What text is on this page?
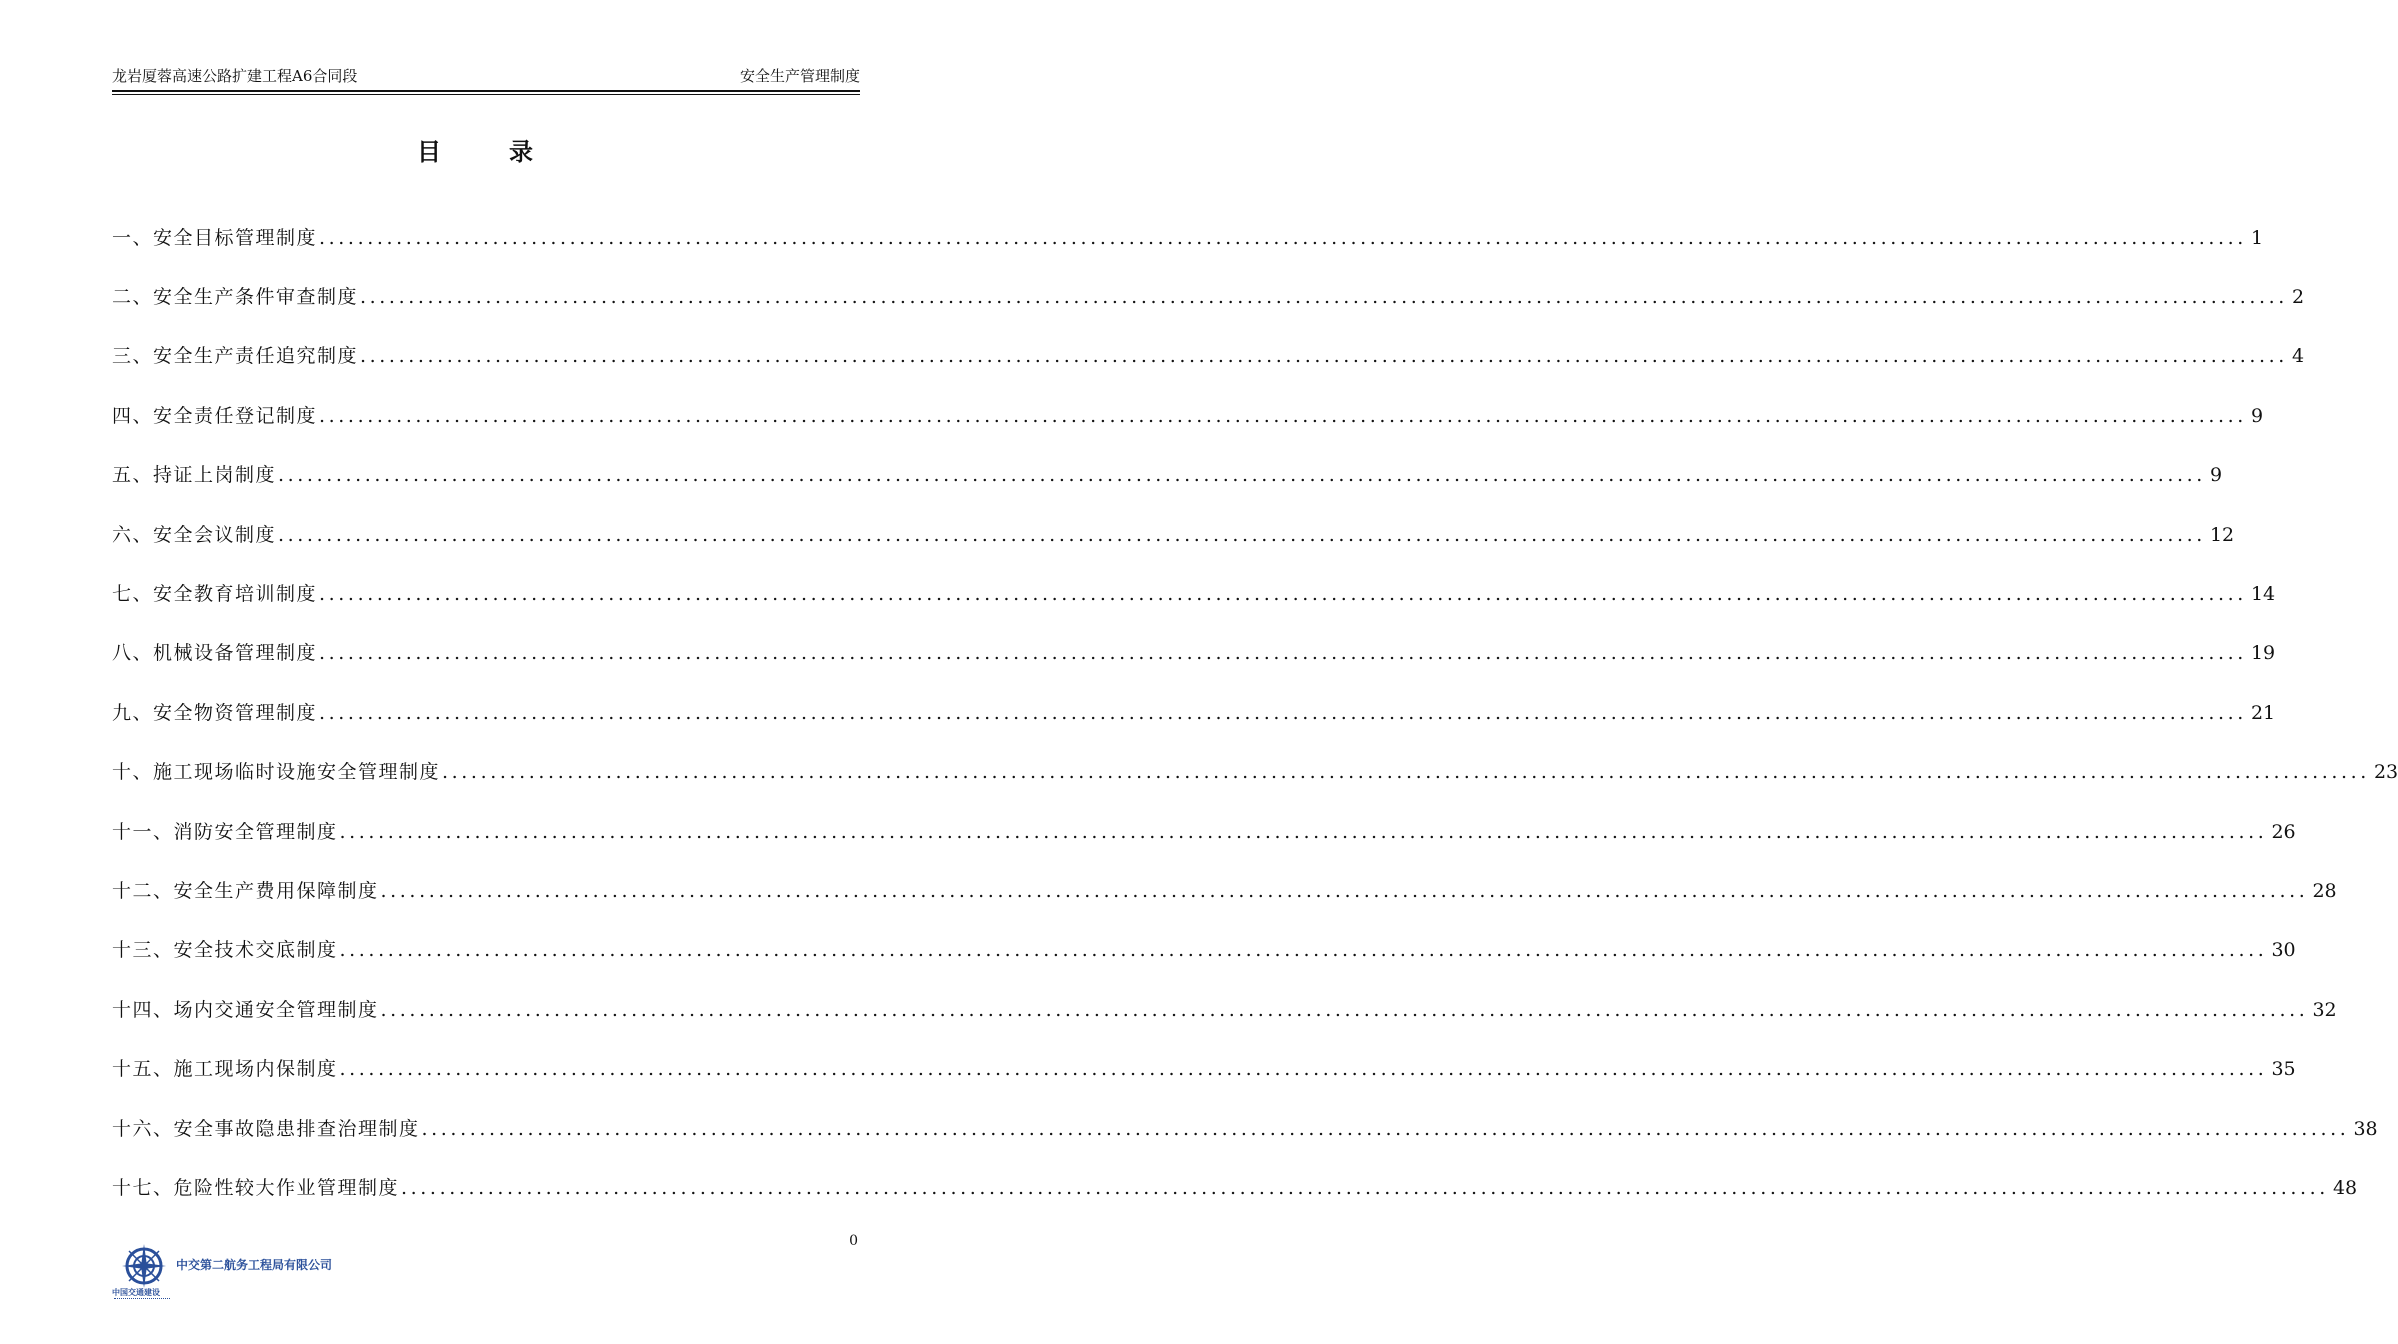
龙岩厦蓉高速公路扩建工程A6合同段	安全生产管理制度
目录
一、安全目标管理制度 ........................................................................................................................................................................................................ 1
二、安全生产条件审查制度 ........................................................................................................................................................................................................ 2
三、安全生产责任追究制度 ........................................................................................................................................................................................................ 4
四、安全责任登记制度 ........................................................................................................................................................................................................ 9
五、持证上岗制度 ........................................................................................................................................................................................................ 9
六、安全会议制度 ........................................................................................................................................................................................................ 12
七、安全教育培训制度 ........................................................................................................................................................................................................ 14
八、机械设备管理制度 ........................................................................................................................................................................................................ 19
九、安全物资管理制度 ........................................................................................................................................................................................................ 21
十、施工现场临时设施安全管理制度 ........................................................................................................................................................................................................ 23
十一、消防安全管理制度 ........................................................................................................................................................................................................ 26
十二、安全生产费用保障制度 ........................................................................................................................................................................................................ 28
十三、安全技术交底制度 ........................................................................................................................................................................................................ 30
十四、场内交通安全管理制度 ........................................................................................................................................................................................................ 32
十五、施工现场内保制度 ........................................................................................................................................................................................................ 35
十六、安全事故隐患排查治理制度 ........................................................................................................................................................................................................ 38
十七、危险性较大作业管理制度 ........................................................................................................................................................................................................ 48
0
中国交通建设
中交第二航务工程局有限公司
